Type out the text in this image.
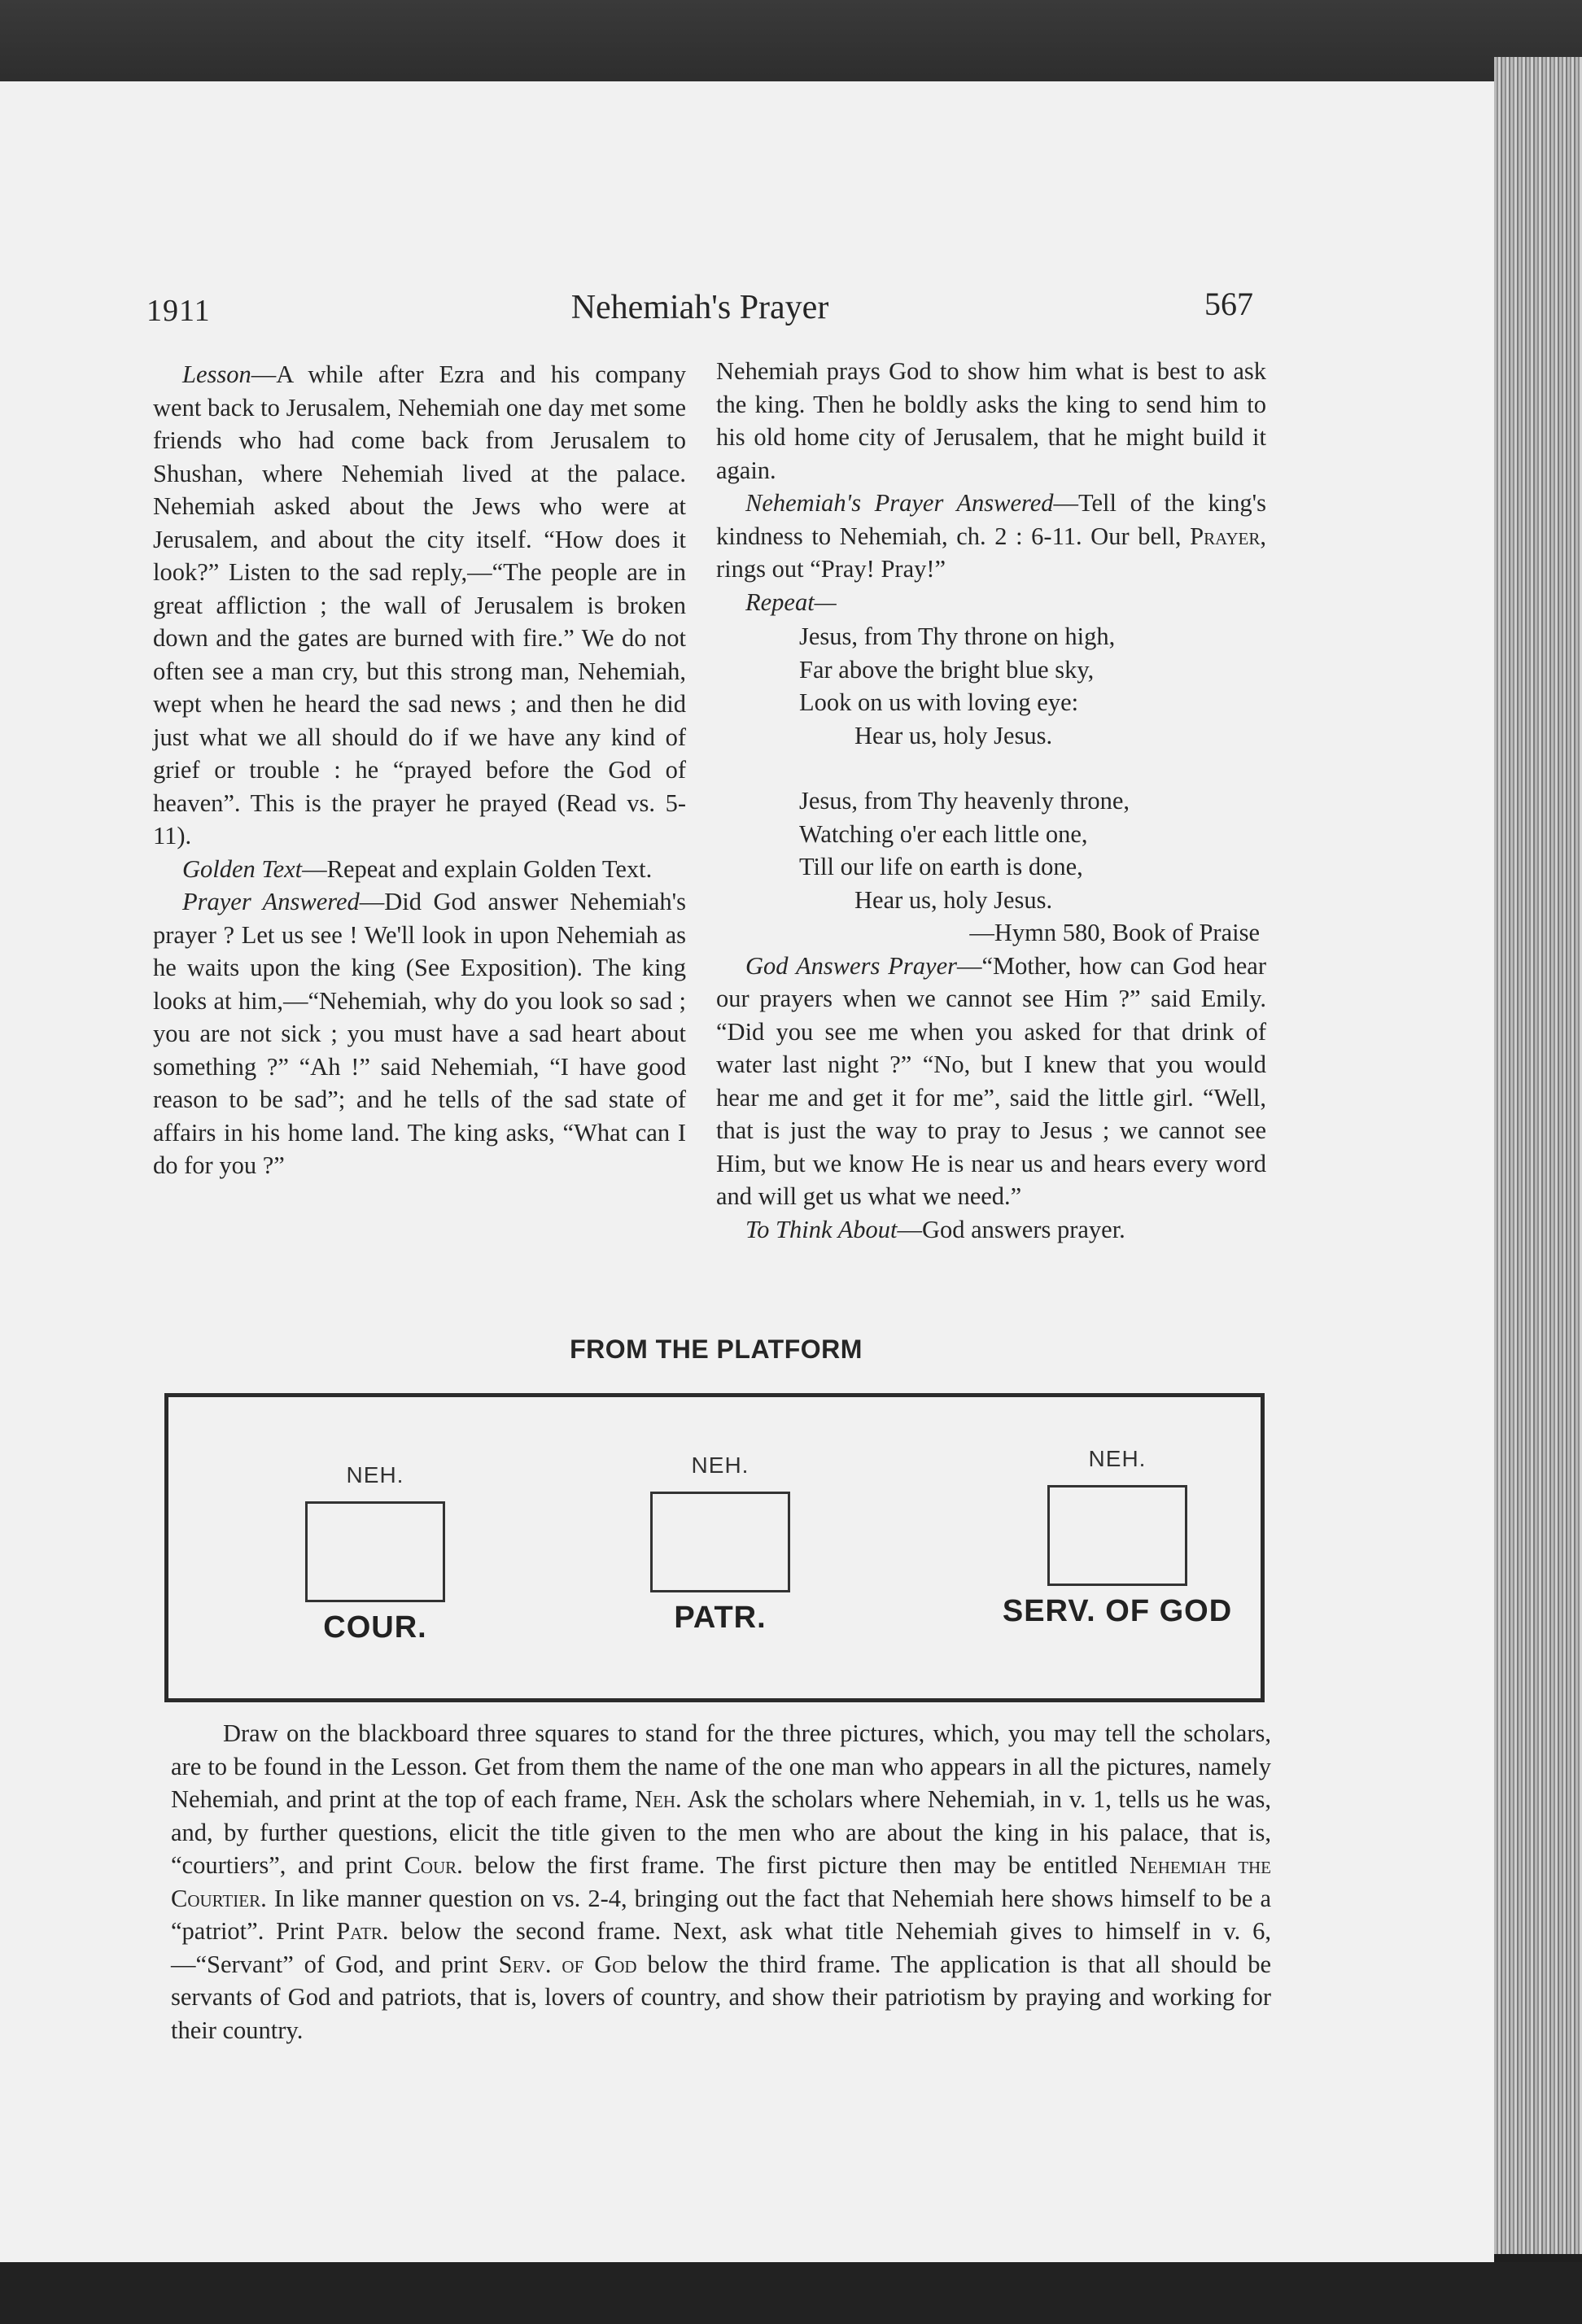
1911	Nehemiah's Prayer	567

Lesson—A while after Ezra and his company went back to Jerusalem, Nehemiah one day met some friends who had come back from Jerusalem to Shushan, where Nehemiah lived at the palace. Nehemiah asked about the Jews who were at Jerusalem, and about the city itself. “How does it look?” Listen to the sad reply,—“The people are in great affliction ; the wall of Jerusalem is broken down and the gates are burned with fire.” We do not often see a man cry, but this strong man, Nehemiah, wept when he heard the sad news ; and then he did just what we all should do if we have any kind of grief or trouble : he “prayed before the God of heaven”. This is the prayer he prayed (Read vs. 5-11).

Golden Text—Repeat and explain Golden Text.

Prayer Answered—Did God answer Nehemiah's prayer ? Let us see ! We'll look in upon Nehemiah as he waits upon the king (See Exposition). The king looks at him,—“Nehemiah, why do you look so sad ; you are not sick ; you must have a sad heart about something ?” “Ah !” said Nehemiah, “I have good reason to be sad”; and he tells of the sad state of affairs in his home land. The king asks, “What can I do for you ?”

Nehemiah prays God to show him what is best to ask the king. Then he boldly asks the king to send him to his old home city of Jerusalem, that he might build it again.

Nehemiah's Prayer Answered—Tell of the king's kindness to Nehemiah, ch. 2 : 6-11. Our bell, Prayer, rings out “Pray! Pray!”

Repeat—

Jesus, from Thy throne on high,
Far above the bright blue sky,
Look on us with loving eye:
Hear us, holy Jesus.
Jesus, from Thy heavenly throne,
Watching o'er each little one,
Till our life on earth is done,
Hear us, holy Jesus.
—Hymn 580, Book of Praise

God Answers Prayer—“Mother, how can God hear our prayers when we cannot see Him ?” said Emily. “Did you see me when you asked for that drink of water last night ?” “No, but I knew that you would hear me and get it for me”, said the little girl. “Well, that is just the way to pray to Jesus ; we cannot see Him, but we know He is near us and hears every word and will get us what we need.”

To Think About—God answers prayer.

FROM THE PLATFORM
NEH.
COUR.
NEH.
PATR.
NEH.
SERV. OF GOD

Draw on the blackboard three squares to stand for the three pictures, which, you may tell the scholars, are to be found in the Lesson. Get from them the name of the one man who appears in all the pictures, namely Nehemiah, and print at the top of each frame, Neh. Ask the scholars where Nehemiah, in v. 1, tells us he was, and, by further questions, elicit the title given to the men who are about the king in his palace, that is, “courtiers”, and print Cour. below the first frame. The first picture then may be entitled Nehemiah the Courtier. In like manner question on vs. 2-4, bringing out the fact that Nehemiah here shows himself to be a “patriot”. Print Patr. below the second frame. Next, ask what title Nehemiah gives to himself in v. 6,—“Servant” of God, and print Serv. of God below the third frame. The application is that all should be servants of God and patriots, that is, lovers of country, and show their patriotism by praying and working for their country.
